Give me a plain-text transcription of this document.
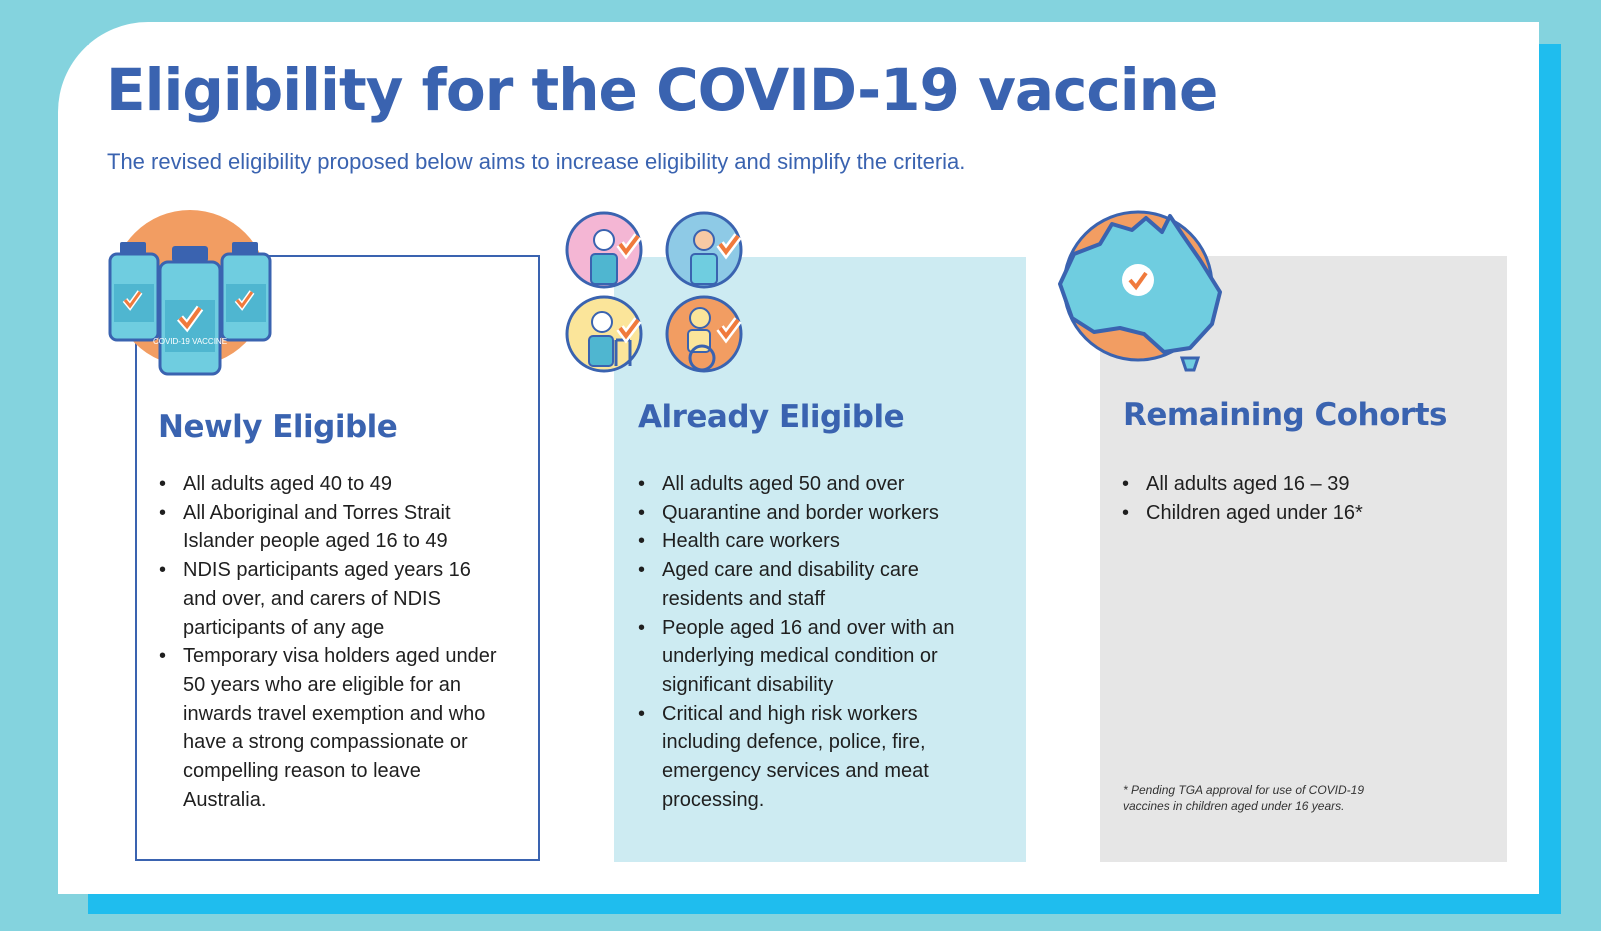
Eligibility for the COVID-19 vaccine

The revised eligibility proposed below aims to increase eligibility and simplify the criteria.

COVID-19 VACCINE
Newly Eligible
• All adults aged 40 to 49
• All Aboriginal and Torres Strait Islander people aged 16 to 49
• NDIS participants aged years 16 and over, and carers of NDIS participants of any age
• Temporary visa holders aged under 50 years who are eligible for an inwards travel exemption and who have a strong compassionate or compelling reason to leave Australia.
Already Eligible
• All adults aged 50 and over
• Quarantine and border workers
• Health care workers
• Aged care and disability care residents and staff
• People aged 16 and over with an underlying medical condition or significant disability
• Critical and high risk workers including defence, police, fire, emergency services and meat processing.
Remaining Cohorts
• All adults aged 16 – 39
• Children aged under 16*

* Pending TGA approval for use of COVID-19 vaccines in children aged under 16 years.
